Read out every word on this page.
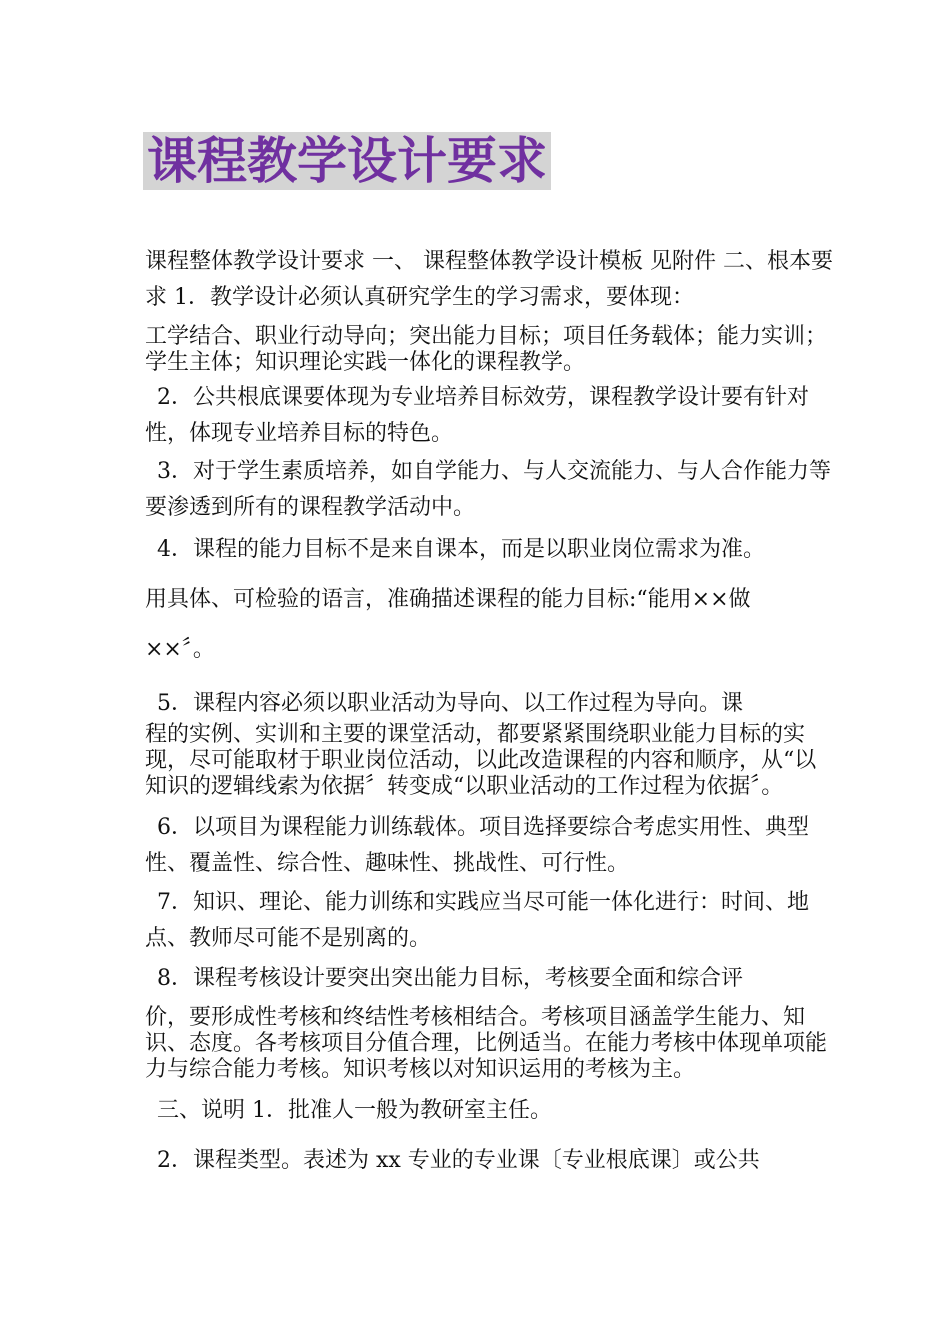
课程教学设计要求

课程整体教学设计要求 一、 课程整体教学设计模板 见附件 二、根本要求 1．教学设计必须认真研究学生的学习需求，要体现：

工学结合、职业行动导向；突出能力目标；项目任务载体；能力实训；学生主体；知识理论实践一体化的课程教学。

2．公共根底课要体现为专业培养目标效劳，课程教学设计要有针对性，体现专业培养目标的特色。

3．对于学生素质培养，如自学能力、与人交流能力、与人合作能力等要渗透到所有的课程教学活动中。

4．课程的能力目标不是来自课本，而是以职业岗位需求为准。

用具体、可检验的语言，准确描述课程的能力目标:“能用××做

××〞。

5．课程内容必须以职业活动为导向、以工作过程为导向。课

程的实例、实训和主要的课堂活动，都要紧紧围绕职业能力目标的实现，尽可能取材于职业岗位活动，以此改造课程的内容和顺序，从“以知识的逻辑线索为依据〞转变成“以职业活动的工作过程为依据〞。

6．以项目为课程能力训练载体。项目选择要综合考虑实用性、典型性、覆盖性、综合性、趣味性、挑战性、可行性。

7．知识、理论、能力训练和实践应当尽可能一体化进行：时间、地点、教师尽可能不是别离的。

8．课程考核设计要突出突出能力目标，考核要全面和综合评

价，要形成性考核和终结性考核相结合。考核项目涵盖学生能力、知识、态度。各考核项目分值合理，比例适当。在能力考核中体现单项能力与综合能力考核。知识考核以对知识运用的考核为主。

三、说明 1．批准人一般为教研室主任。

2．课程类型。表述为 xx 专业的专业课〔专业根底课〕或公共
